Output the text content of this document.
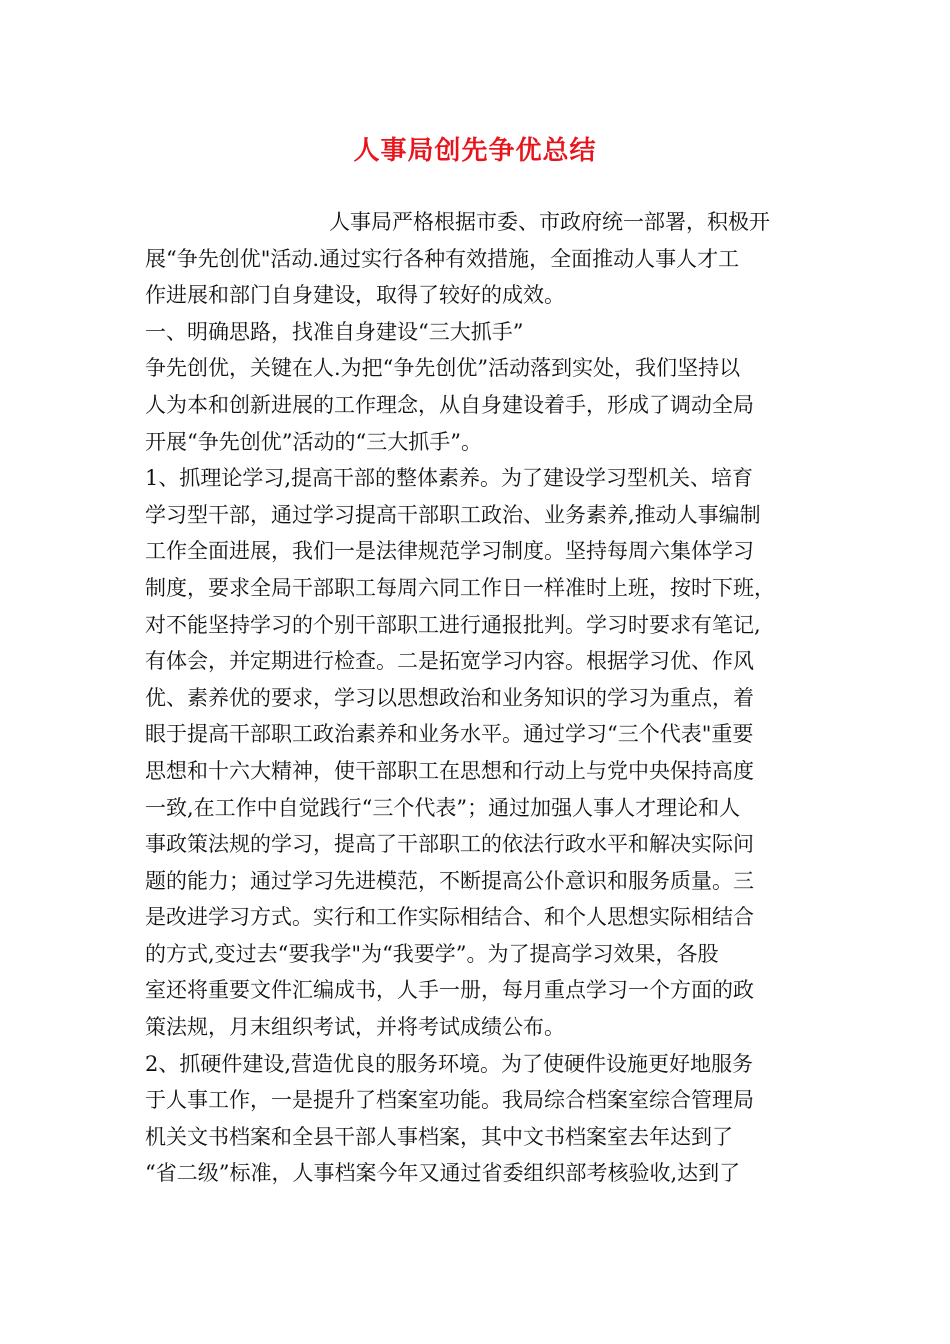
人事局创先争优总结
人事局严格根据市委、市政府统一部署，积极开
展“争先创优"活动.通过实行各种有效措施，全面推动人事人才工
作进展和部门自身建设，取得了较好的成效。
一、明确思路，找准自身建设“三大抓手”
争先创优，关键在人.为把“争先创优”活动落到实处，我们坚持以
人为本和创新进展的工作理念，从自身建设着手，形成了调动全局
开展“争先创优”活动的“三大抓手”。
1、抓理论学习,提高干部的整体素养。为了建设学习型机关、培育
学习型干部，通过学习提高干部职工政治、业务素养,推动人事编制
工作全面进展，我们一是法律规范学习制度。坚持每周六集体学习
制度，要求全局干部职工每周六同工作日一样准时上班，按时下班，
对不能坚持学习的个别干部职工进行通报批判。学习时要求有笔记,
有体会，并定期进行检查。二是拓宽学习内容。根据学习优、作风
优、素养优的要求，学习以思想政治和业务知识的学习为重点，着
眼于提高干部职工政治素养和业务水平。通过学习“三个代表"重要
思想和十六大精神，使干部职工在思想和行动上与党中央保持高度
一致,在工作中自觉践行“三个代表”；通过加强人事人才理论和人
事政策法规的学习，提高了干部职工的依法行政水平和解决实际问
题的能力；通过学习先进模范，不断提高公仆意识和服务质量。三
是改进学习方式。实行和工作实际相结合、和个人思想实际相结合
的方式,变过去“要我学"为“我要学”。为了提高学习效果，各股
室还将重要文件汇编成书，人手一册，每月重点学习一个方面的政
策法规，月末组织考试，并将考试成绩公布。
2、抓硬件建设,营造优良的服务环境。为了使硬件设施更好地服务
于人事工作，一是提升了档案室功能。我局综合档案室综合管理局
机关文书档案和全县干部人事档案，其中文书档案室去年达到了
“省二级”标准，人事档案今年又通过省委组织部考核验收,达到了
